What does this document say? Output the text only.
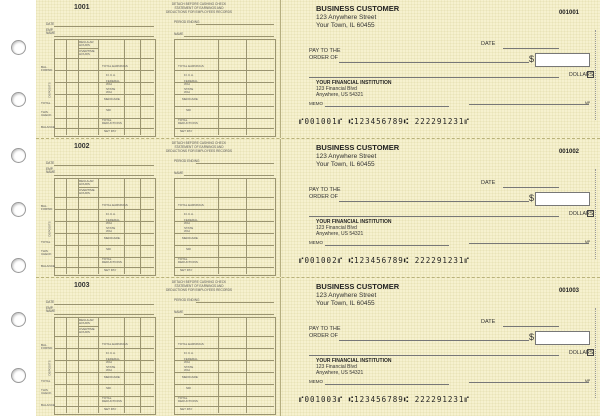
1001	DETACH BEFORE CASHING CHECK
STATEMENT OF EARNINGS AND
DEDUCTIONS FOR EMPLOYEES RECORDS
DATE
EMP.
NAME
PERIOD ENDING
NAME
REGULAR
HOURS
OVERTIME
HOURS
BAL.
FORWD.
DEPOSITS
TOTAL
THIS
CHECK
BALANCE
TOTAL EARNINGS
F.I.C.A.
FEDERAL
W/H
STATE
W/H
MEDICARE
SDI
TOTAL
DEDUCTIONS
NET PAY
TOTAL EARNINGS
F.I.C.A.
FEDERAL
W/H
STATE
W/H
MEDICARE
SDI
TOTAL
DEDUCTIONS
NET PAY
BUSINESS CUSTOMER
123 Anywhere Street
Your Town, IL 60455
001001
DATE
PAY TO THE
ORDER OF	$
DOLLARS
YOUR FINANCIAL INSTITUTION
123 Financial Blvd
Anywhere, US 54321
MEMO	MP
⑈001001⑈ ⑆123456789⑆ 222291231⑈
1002	DETACH BEFORE CASHING CHECK
STATEMENT OF EARNINGS AND
DEDUCTIONS FOR EMPLOYEES RECORDS
DATE
EMP.
NAME
PERIOD ENDING
NAME
REGULAR
HOURS
OVERTIME
HOURS
BAL.
FORWD.
DEPOSITS
TOTAL
THIS
CHECK
BALANCE
TOTAL EARNINGS
F.I.C.A.
FEDERAL
W/H
STATE
W/H
MEDICARE
SDI
TOTAL
DEDUCTIONS
NET PAY
TOTAL EARNINGS
F.I.C.A.
FEDERAL
W/H
STATE
W/H
MEDICARE
SDI
TOTAL
DEDUCTIONS
NET PAY
BUSINESS CUSTOMER
123 Anywhere Street
Your Town, IL 60455
001002
DATE
PAY TO THE
ORDER OF	$
DOLLARS
YOUR FINANCIAL INSTITUTION
123 Financial Blvd
Anywhere, US 54321
MEMO	MP
⑈001002⑈ ⑆123456789⑆ 222291231⑈
1003	DETACH BEFORE CASHING CHECK
STATEMENT OF EARNINGS AND
DEDUCTIONS FOR EMPLOYEES RECORDS
DATE
EMP.
NAME
PERIOD ENDING
NAME
REGULAR
HOURS
OVERTIME
HOURS
BAL.
FORWD.
DEPOSITS
TOTAL
THIS
CHECK
BALANCE
TOTAL EARNINGS
F.I.C.A.
FEDERAL
W/H
STATE
W/H
MEDICARE
SDI
TOTAL
DEDUCTIONS
NET PAY
TOTAL EARNINGS
F.I.C.A.
FEDERAL
W/H
STATE
W/H
MEDICARE
SDI
TOTAL
DEDUCTIONS
NET PAY
BUSINESS CUSTOMER
123 Anywhere Street
Your Town, IL 60455
001003
DATE
PAY TO THE
ORDER OF	$
DOLLARS
YOUR FINANCIAL INSTITUTION
123 Financial Blvd
Anywhere, US 54321
MEMO	MP
⑈001003⑈ ⑆123456789⑆ 222291231⑈
